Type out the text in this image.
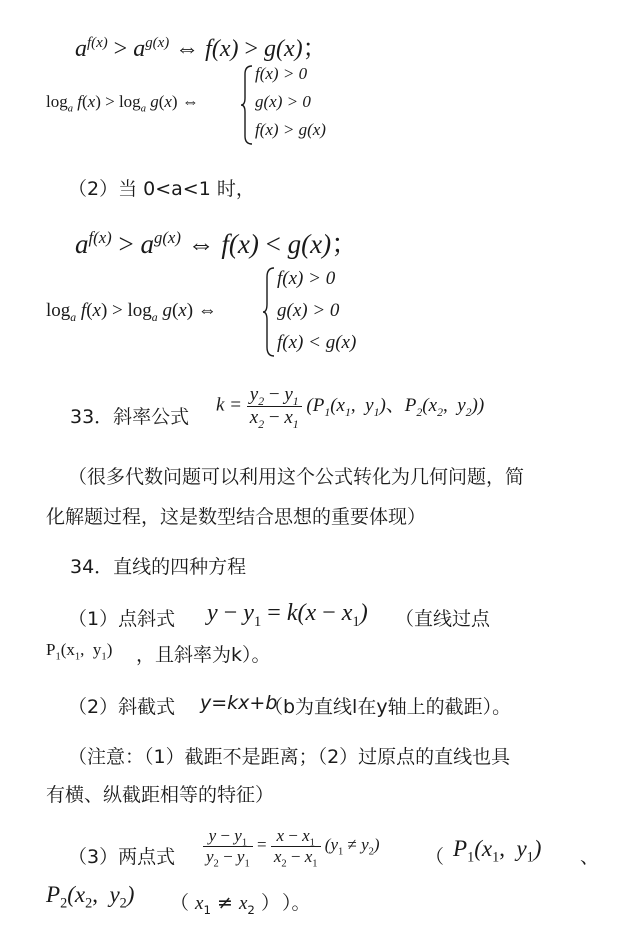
$a^{f(x)} > a^{g(x)}$ ⇔ f(x) > g(x)；
$\log_a f(x) > \log_a g(x)$ ⇔
f(x) > 0
g(x) > 0
f(x) > g(x)
（2）当 0<a<1 时，
$a^{f(x)} > a^{g(x)}$ ⇔ f(x) < g(x)；
$\log_a f(x) > \log_a g(x)$ ⇔
f(x) > 0
g(x) > 0
f(x) < g(x)
33．斜率公式
$k = \frac{y_2 - y_1}{x_2 - x_1} (P_1(x_1$,  $y_1$)、$P_2(x_2$,  $y_2$))
（很多代数问题可以利用这个公式转化为几何问题，简
化解题过程，这是数型结合思想的重要体现）
34．直线的四种方程
（1）点斜式 $y - y_1 = k(x - x_1)$ （直线过点
$P_1(x_1$,  $y_1$) ，且斜率为k）。
（2）斜截式 y=kx+b
（b为直线l在y轴上的截距）。
（注意：（1）截距不是距离；（2）过原点的直线也具
有横、纵截距相等的特征）
（3）两点式 $\frac{y - y_1}{y_2 - y_1} = \frac{x - x_1}{x_2 - x_1} (y_1 \ne y_2)$
（ $P_1(x_1$,  $y_1$) 、
$P_2(x_2$,  $y_2$) （ $x_1 \ne x_2$ ） ）。
